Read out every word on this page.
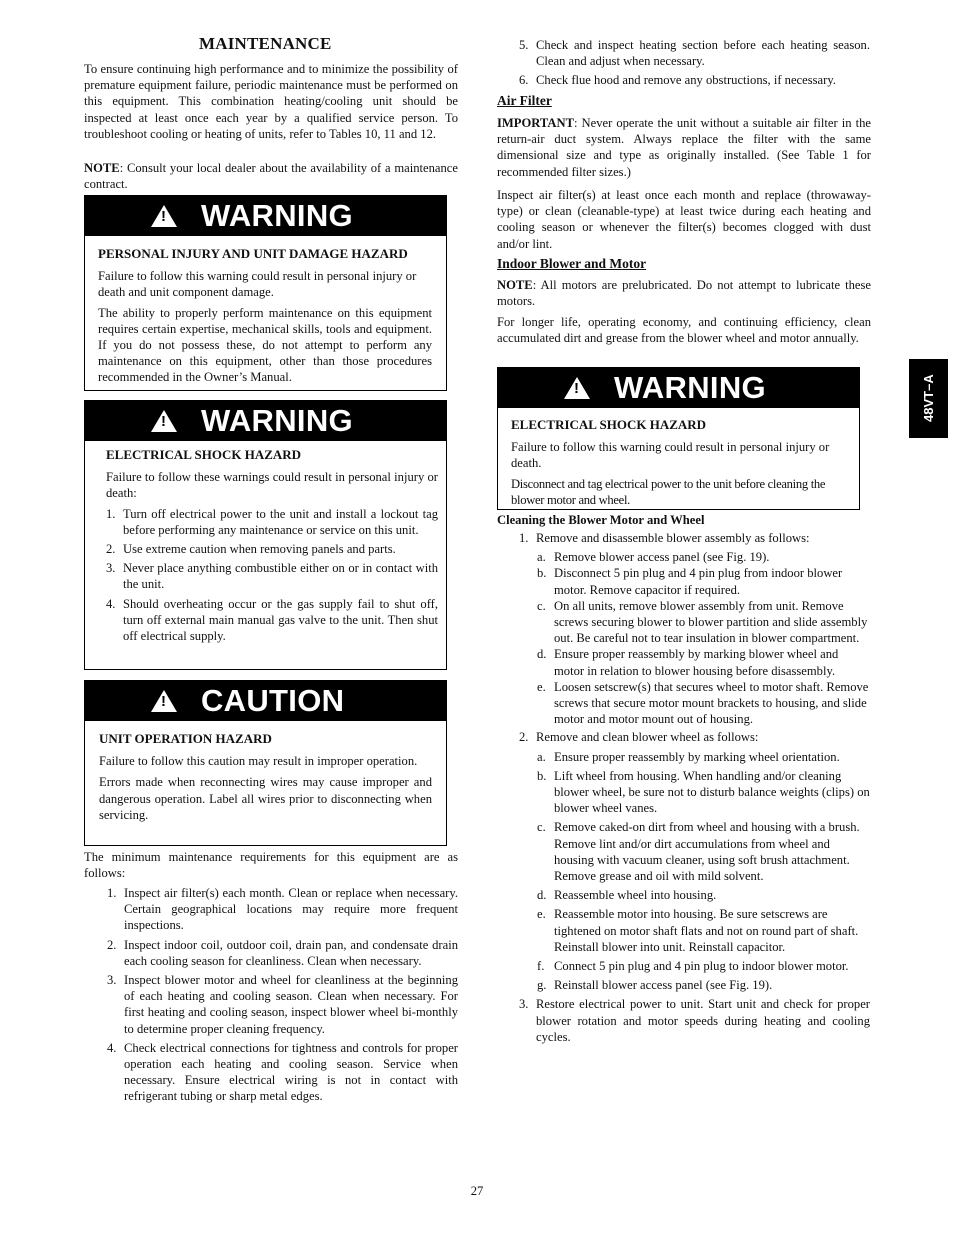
MAINTENANCE

To ensure continuing high performance and to minimize the possibility of premature equipment failure, periodic maintenance must be performed on this equipment. This combination heating/cooling unit should be inspected at least once each year by a qualified service person. To troubleshoot cooling or heating of units, refer to Tables 10, 11 and 12.

NOTE: Consult your local dealer about the availability of a maintenance contract.

! WARNING

PERSONAL INJURY AND UNIT DAMAGE HAZARD

Failure to follow this warning could result in personal injury or death and unit component damage.

The ability to properly perform maintenance on this equipment requires certain expertise, mechanical skills, tools and equipment. If you do not possess these, do not attempt to perform any maintenance on this equipment, other than those procedures recommended in the Owner’s Manual.

! WARNING

ELECTRICAL SHOCK HAZARD

Failure to follow these warnings could result in personal injury or death:

1. Turn off electrical power to the unit and install a lockout tag before performing any maintenance or service on this unit.
2. Use extreme caution when removing panels and parts.
3. Never place anything combustible either on or in contact with the unit.
4. Should overheating occur or the gas supply fail to shut off, turn off external main manual gas valve to the unit. Then shut off electrical supply.
! CAUTION

UNIT OPERATION HAZARD

Failure to follow this caution may result in improper operation.

Errors made when reconnecting wires may cause improper and dangerous operation. Label all wires prior to disconnecting when servicing.

The minimum maintenance requirements for this equipment are as follows:

1. Inspect air filter(s) each month. Clean or replace when necessary. Certain geographical locations may require more frequent inspections.
2. Inspect indoor coil, outdoor coil, drain pan, and condensate drain each cooling season for cleanliness. Clean when necessary.
3. Inspect blower motor and wheel for cleanliness at the beginning of each heating and cooling season. Clean when necessary. For first heating and cooling season, inspect blower wheel bi-monthly to determine proper cleaning frequency.
4. Check electrical connections for tightness and controls for proper operation each heating and cooling season. Service when necessary. Ensure electrical wiring is not in contact with refrigerant tubing or sharp metal edges.
5. Check and inspect heating section before each heating season. Clean and adjust when necessary.
6. Check flue hood and remove any obstructions, if necessary.

Air Filter

IMPORTANT: Never operate the unit without a suitable air filter in the return-air duct system. Always replace the filter with the same dimensional size and type as originally installed. (See Table 1 for recommended filter sizes.)

Inspect air filter(s) at least once each month and replace (throwaway-type) or clean (cleanable-type) at least twice during each heating and cooling season or whenever the filter(s) becomes clogged with dust and/or lint.

Indoor Blower and Motor

NOTE: All motors are prelubricated. Do not attempt to lubricate these motors.

For longer life, operating economy, and continuing efficiency, clean accumulated dirt and grease from the blower wheel and motor annually.

! WARNING

ELECTRICAL SHOCK HAZARD

Failure to follow this warning could result in personal injury or death.

Disconnect and tag electrical power to the unit before cleaning the blower motor and wheel.

Cleaning the Blower Motor and Wheel

1. Remove and disassemble blower assembly as follows:
a. Remove blower access panel (see Fig. 19).
b. Disconnect 5 pin plug and 4 pin plug from indoor blower motor. Remove capacitor if required.
c. On all units, remove blower assembly from unit. Remove screws securing blower to blower partition and slide assembly out. Be careful not to tear insulation in blower compartment.
d. Ensure proper reassembly by marking blower wheel and motor in relation to blower housing before disassembly.
e. Loosen setscrew(s) that secures wheel to motor shaft. Remove screws that secure motor mount brackets to housing, and slide motor and motor mount out of housing.
2. Remove and clean blower wheel as follows:
a. Ensure proper reassembly by marking wheel orientation.
b. Lift wheel from housing. When handling and/or cleaning blower wheel, be sure not to disturb balance weights (clips) on blower wheel vanes.
c. Remove caked-on dirt from wheel and housing with a brush. Remove lint and/or dirt accumulations from wheel and housing with vacuum cleaner, using soft brush attachment. Remove grease and oil with mild solvent.
d. Reassemble wheel into housing.
e. Reassemble motor into housing. Be sure setscrews are tightened on motor shaft flats and not on round part of shaft. Reinstall blower into unit. Reinstall capacitor.
f. Connect 5 pin plug and 4 pin plug to indoor blower motor.
g. Reinstall blower access panel (see Fig. 19).
3. Restore electrical power to unit. Start unit and check for proper blower rotation and motor speeds during heating and cooling cycles.
48VT–A
27
